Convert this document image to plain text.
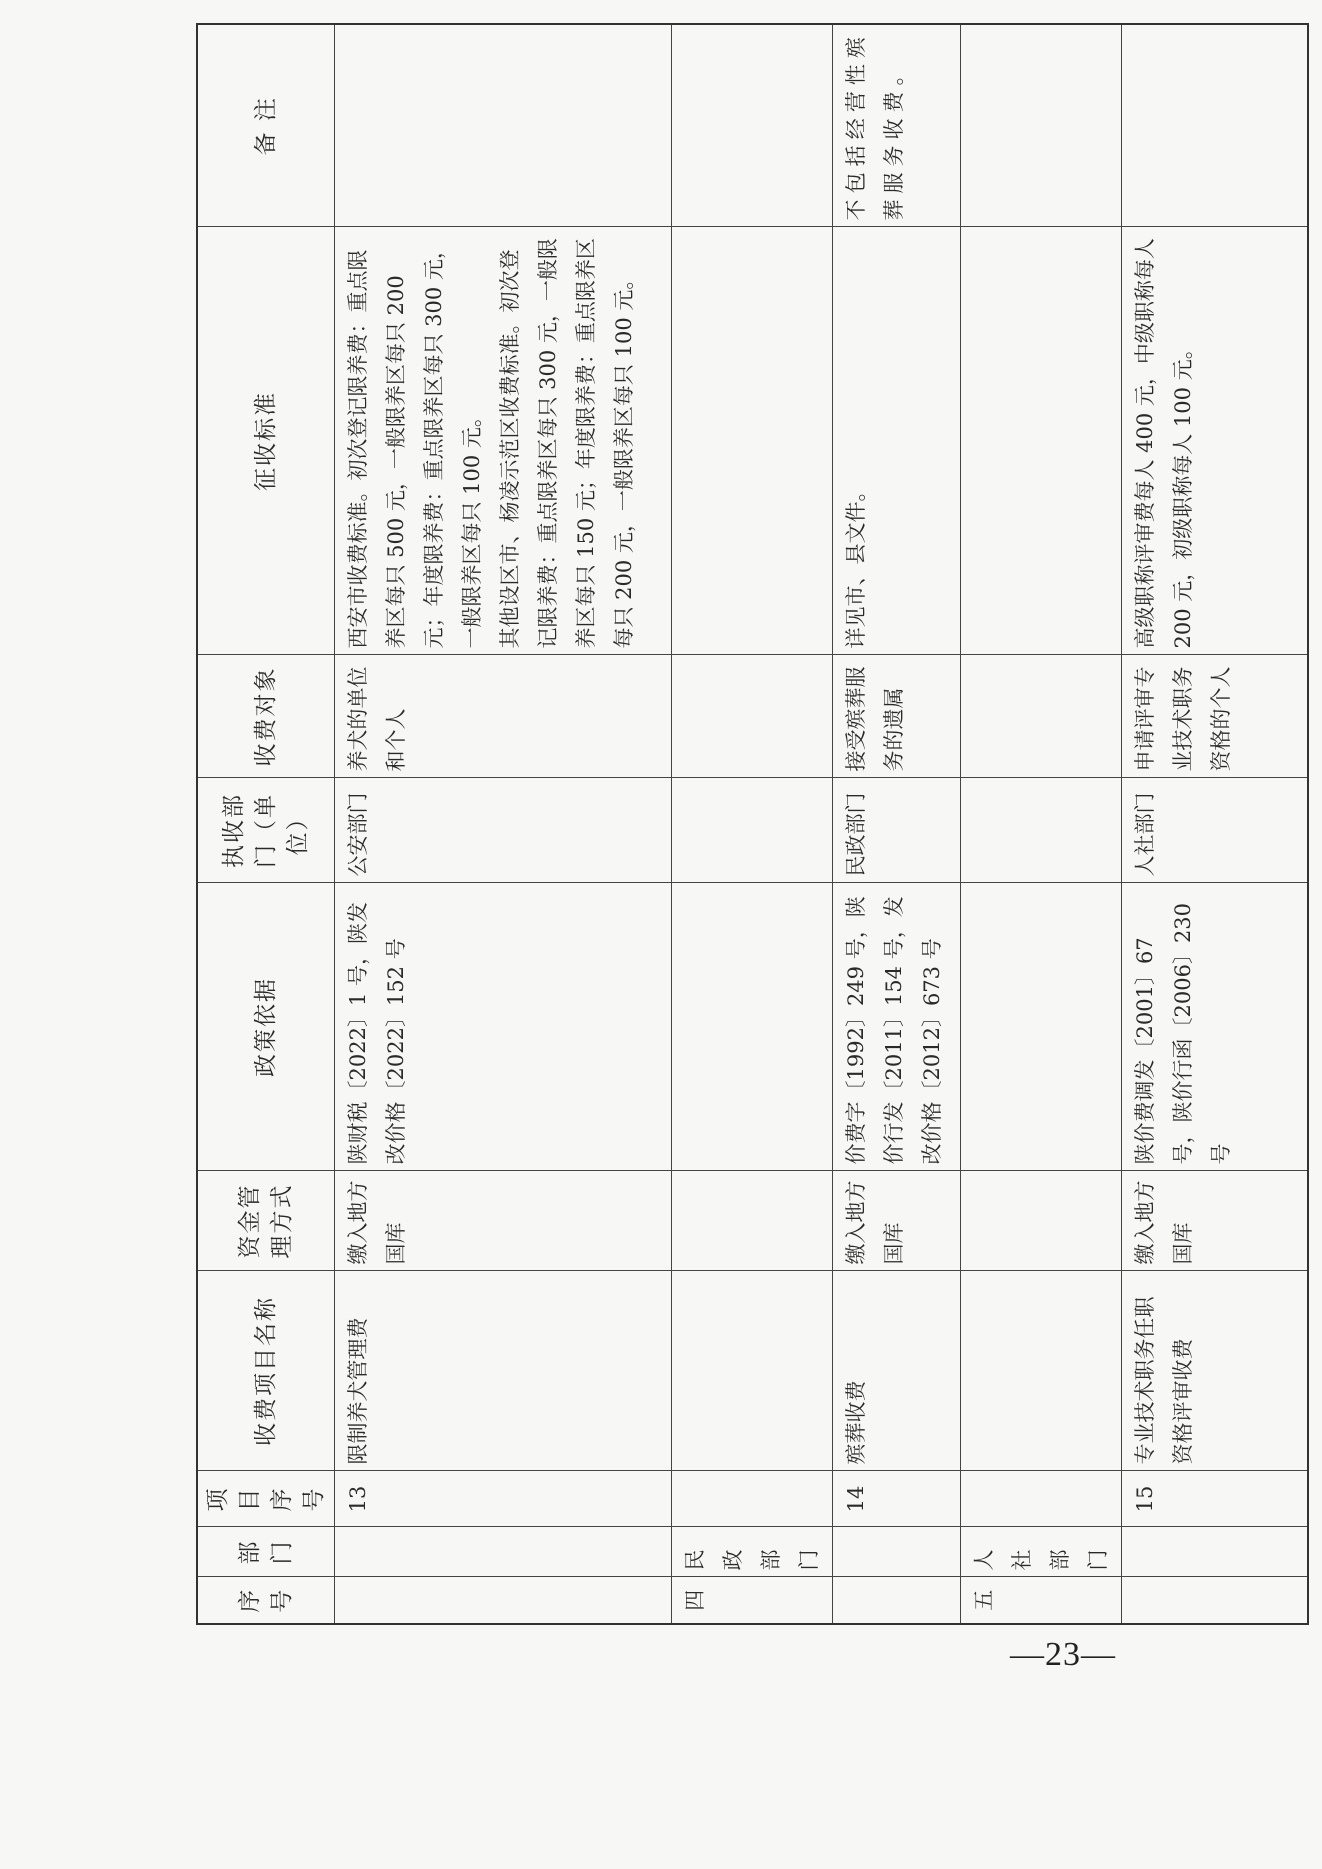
序号	部门	项目序号	收费项目名称	资金管理方式	政策依据	执收部门（单位）	收费对象	征收标准	备 注
		13	限制养犬管理费	缴入地方国库	陕财税〔2022〕1 号，陕发改价格〔2022〕152 号	公安部门	养犬的单位和个人	西安市收费标准。初次登记限养费：重点限养区每只 500 元，一般限养区每只 200 元；年度限养费：重点限养区每只 300 元，一般限养区每只 100 元。 其他设区市、杨凌示范区收费标准。初次登记限养费：重点限养区每只 300 元，一般限养区每只 150 元；年度限养费：重点限养区每只 200 元，一般限养区每只 100 元。	

四	民政部门								
		14	殡葬收费	缴入地方国库	价费字〔1992〕249 号，陕价行发〔2011〕154 号，发改价格〔2012〕673 号	民政部门	接受殡葬服务的遗属	详见市、县文件。	不包括经营性殡葬服务收费。
五	人社部门								
		15	专业技术职务任职资格评审收费	缴入地方国库	陕价费调发〔2001〕67 号，陕价行函〔2006〕230 号	人社部门	申请评审专业技术职务资格的个人	高级职称评审费每人 400 元，中级职称每人 200 元，初级职称每人 100 元。	
—23—
